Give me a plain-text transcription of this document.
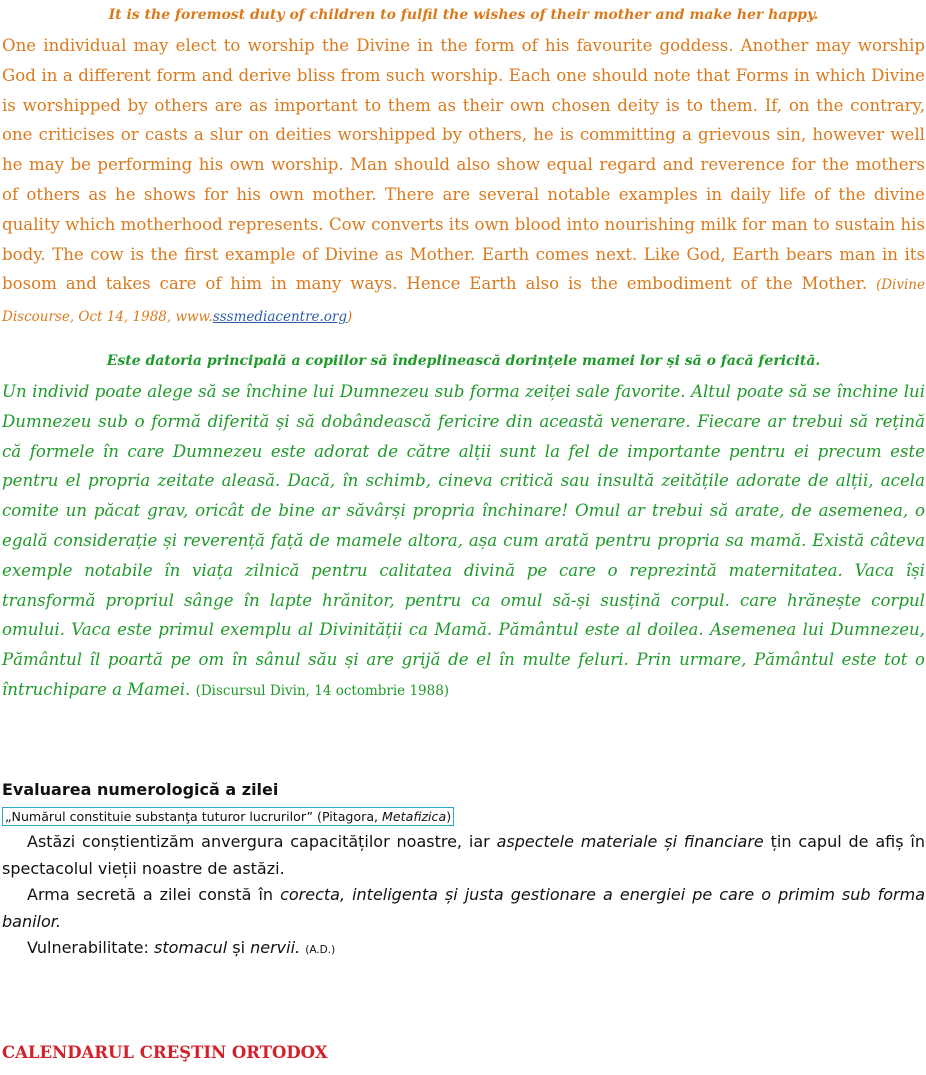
It is the foremost duty of children to fulfil the wishes of their mother and make her happy.
One individual may elect to worship the Divine in the form of his favourite goddess. Another may worship God in a different form and derive bliss from such worship. Each one should note that Forms in which Divine is worshipped by others are as important to them as their own chosen deity is to them. If, on the contrary, one criticises or casts a slur on deities worshipped by others, he is committing a grievous sin, however well he may be performing his own worship. Man should also show equal regard and reverence for the mothers of others as he shows for his own mother. There are several notable examples in daily life of the divine quality which motherhood represents. Cow converts its own blood into nourishing milk for man to sustain his body. The cow is the first example of Divine as Mother. Earth comes next. Like God, Earth bears man in its bosom and takes care of him in many ways. Hence Earth also is the embodiment of the Mother. (Divine Discourse, Oct 14, 1988, www.sssmediacentre.org)
Este datoria principală a copiilor să îndeplinească dorințele mamei lor și să o facă fericită.
Un individ poate alege să se închine lui Dumnezeu sub forma zeiței sale favorite. Altul poate să se închine lui Dumnezeu sub o formă diferită și să dobândească fericire din această venerare. Fiecare ar trebui să rețină că formele în care Dumnezeu este adorat de către alții sunt la fel de importante pentru ei precum este pentru el propria zeitate aleasă. Dacă, în schimb, cineva critică sau insultă zeitățile adorate de alții, acela comite un păcat grav, oricât de bine ar săvârși propria închinare! Omul ar trebui să arate, de asemenea, o egală considerație și reverență față de mamele altora, așa cum arată pentru propria sa mamă. Există câteva exemple notabile în viața zilnică pentru calitatea divină pe care o reprezintă maternitatea. Vaca își transformă propriul sânge în lapte hrănitor, pentru ca omul să-și susțină corpul. care hrănește corpul omului. Vaca este primul exemplu al Divinității ca Mamă. Pământul este al doilea. Asemenea lui Dumnezeu, Pământul îl poartă pe om în sânul său și are grijă de el în multe feluri. Prin urmare, Pământul este tot o întruchipare a Mamei. (Discursul Divin, 14 octombrie 1988)
Evaluarea numerologică a zilei
„Numărul constituie substanţa tuturor lucrurilor” (Pitagora, Metafizica)
Astăzi conștientizăm anvergura capacităților noastre, iar aspectele materiale și financiare țin capul de afiș în spectacolul vieții noastre de astăzi.
Arma secretă a zilei constă în corecta, inteligenta și justa gestionare a energiei pe care o primim sub forma banilor.
Vulnerabilitate: stomacul și nervii. (A.D.)
CALENDARUL CREŞTIN ORTODOX
